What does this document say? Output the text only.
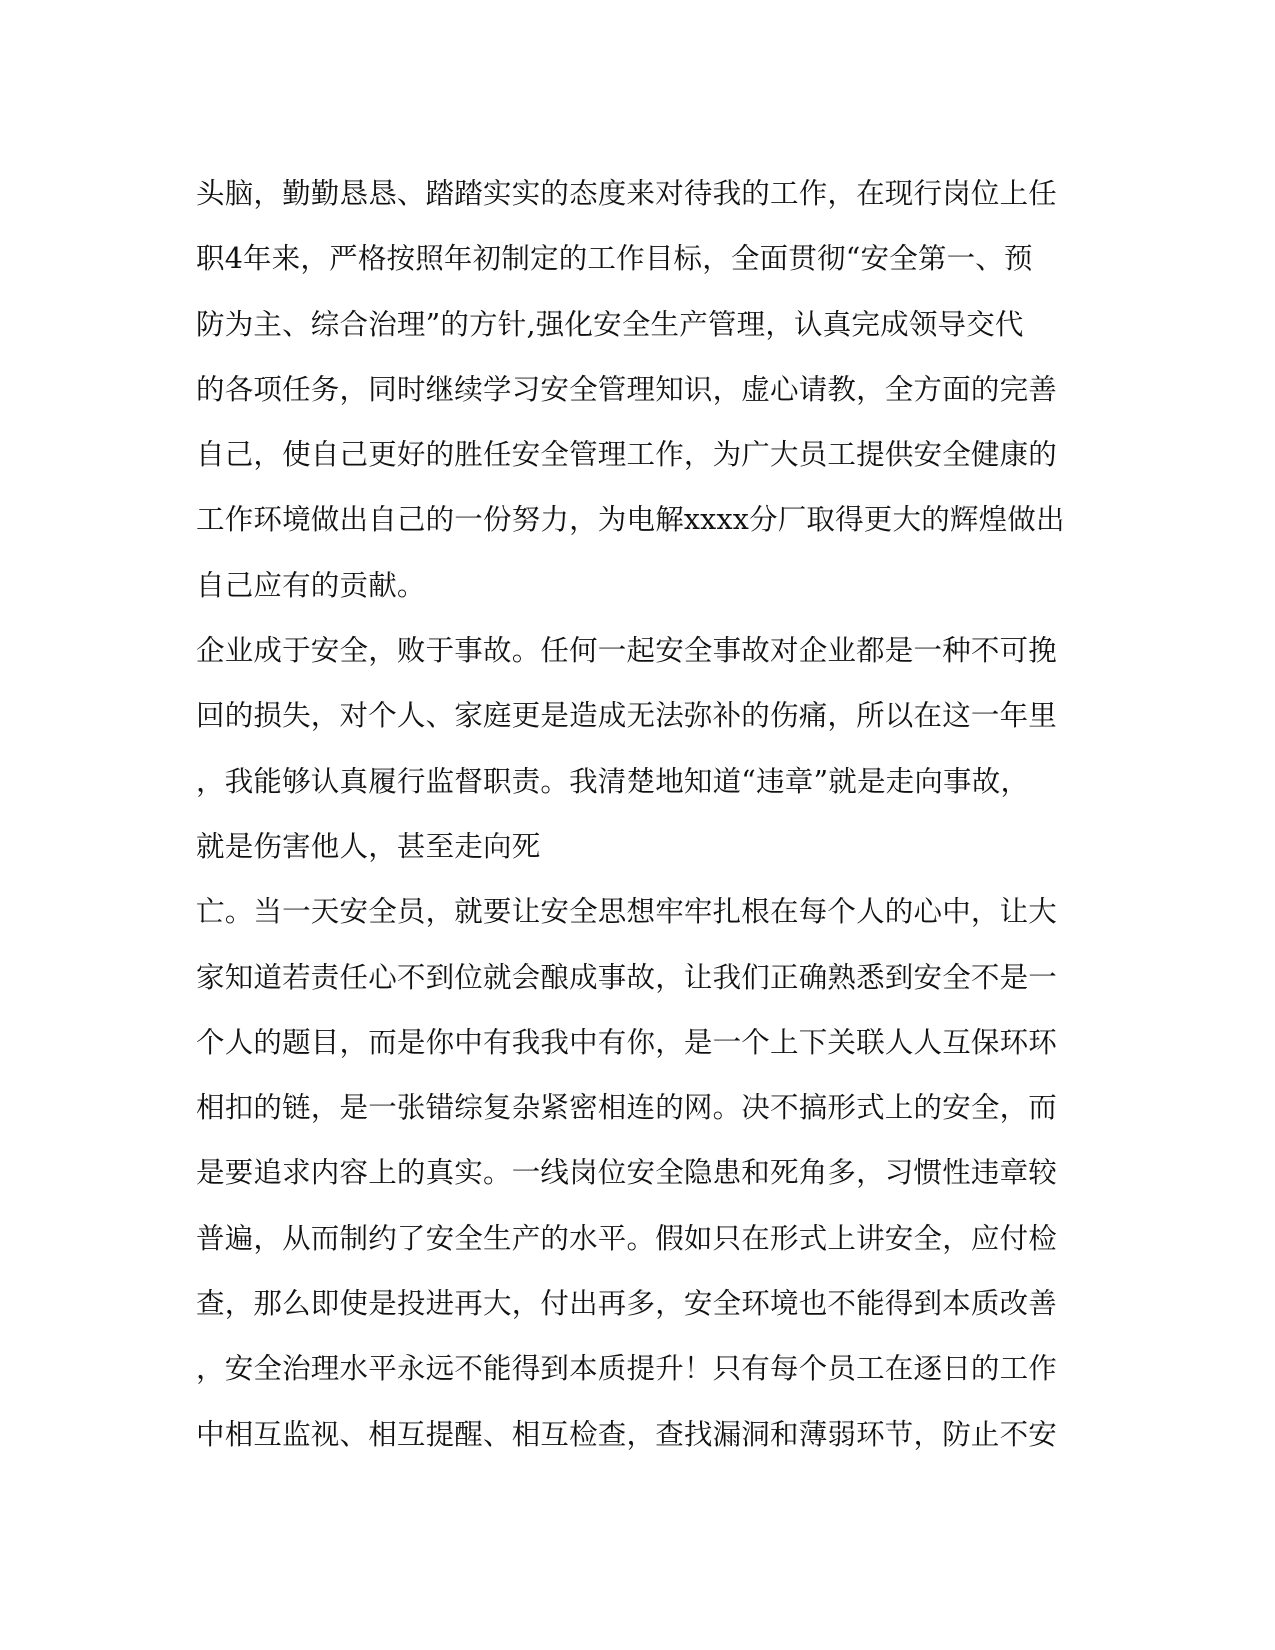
头脑，勤勤恳恳、踏踏实实的态度来对待我的工作，在现行岗位上任
职4年来，严格按照年初制定的工作目标，全面贯彻“安全第一、预
防为主、综合治理”的方针,强化安全生产管理，认真完成领导交代
的各项任务，同时继续学习安全管理知识，虚心请教，全方面的完善
自己，使自己更好的胜任安全管理工作，为广大员工提供安全健康的
工作环境做出自己的一份努力，为电解xxxx分厂取得更大的辉煌做出
自己应有的贡献。
企业成于安全，败于事故。任何一起安全事故对企业都是一种不可挽
回的损失，对个人、家庭更是造成无法弥补的伤痛，所以在这一年里
，我能够认真履行监督职责。我清楚地知道“违章”就是走向事故，
就是伤害他人，甚至走向死
亡。当一天安全员，就要让安全思想牢牢扎根在每个人的心中，让大
家知道若责任心不到位就会酿成事故，让我们正确熟悉到安全不是一
个人的题目，而是你中有我我中有你，是一个上下关联人人互保环环
相扣的链，是一张错综复杂紧密相连的网。决不搞形式上的安全，而
是要追求内容上的真实。一线岗位安全隐患和死角多，习惯性违章较
普遍，从而制约了安全生产的水平。假如只在形式上讲安全，应付检
查，那么即使是投进再大，付出再多，安全环境也不能得到本质改善
，安全治理水平永远不能得到本质提升！只有每个员工在逐日的工作
中相互监视、相互提醒、相互检查，查找漏洞和薄弱环节，防止不安
